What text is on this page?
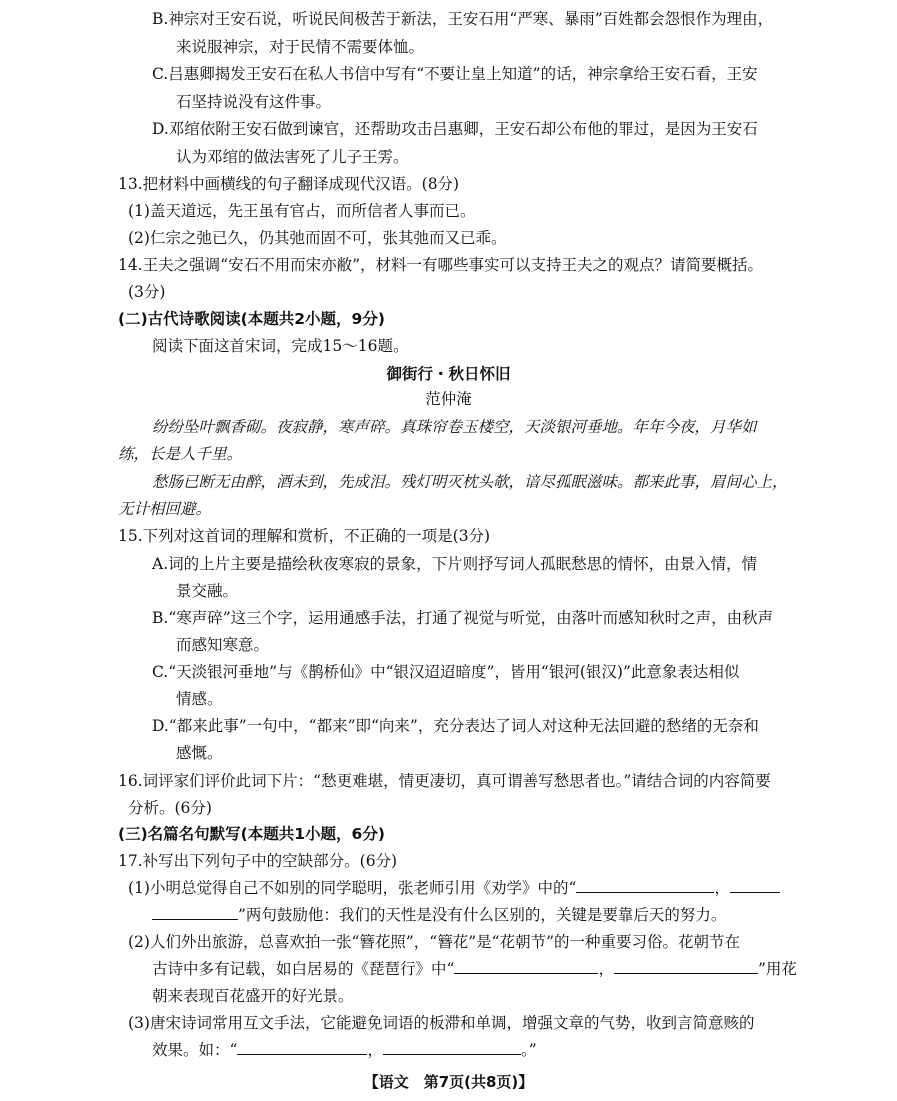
B.神宗对王安石说，听说民间极苦于新法，王安石用“严寒、暴雨”百姓都会怨恨作为理由，
来说服神宗，对于民情不需要体恤。
C.吕惠卿揭发王安石在私人书信中写有“不要让皇上知道”的话，神宗拿给王安石看，王安
石坚持说没有这件事。
D.邓绾依附王安石做到谏官，还帮助攻击吕惠卿，王安石却公布他的罪过，是因为王安石
认为邓绾的做法害死了儿子王雱。
13.把材料中画横线的句子翻译成现代汉语。(8分)
(1)盖天道远，先王虽有官占，而所信者人事而已。
(2)仁宗之弛已久，仍其弛而固不可，张其弛而又已乖。
14.王夫之强调“安石不用而宋亦敝”，材料一有哪些事实可以支持王夫之的观点？请简要概括。
(3分)
(二)古代诗歌阅读(本题共2小题，9分)
阅读下面这首宋词，完成15～16题。
御街行・秋日怀旧
范仲淹
纷纷坠叶飘香砌。夜寂静，寒声碎。真珠帘卷玉楼空，天淡银河垂地。年年今夜，月华如
练，长是人千里。
愁肠已断无由醉，酒未到，先成泪。残灯明灭枕头欹，谙尽孤眠滋味。都来此事，眉间心上，
无计相回避。
15.下列对这首词的理解和赏析，不正确的一项是(3分)
A.词的上片主要是描绘秋夜寒寂的景象，下片则抒写词人孤眠愁思的情怀，由景入情，情
景交融。
B.“寒声碎”这三个字，运用通感手法，打通了视觉与听觉，由落叶而感知秋时之声，由秋声
而感知寒意。
C.“天淡银河垂地”与《鹊桥仙》中“银汉迢迢暗度”，皆用“银河(银汉)”此意象表达相似
情感。
D.“都来此事”一句中，“都来”即“向来”，充分表达了词人对这种无法回避的愁绪的无奈和
感慨。
16.词评家们评价此词下片：“愁更难堪，情更凄切，真可谓善写愁思者也。”请结合词的内容简要
分析。(6分)
(三)名篇名句默写(本题共1小题，6分)
17.补写出下列句子中的空缺部分。(6分)
(1)小明总觉得自己不如别的同学聪明，张老师引用《劝学》中的“	，
”两句鼓励他：我们的天性是没有什么区别的，关键是要靠后天的努力。
(2)人们外出旅游，总喜欢拍一张“簪花照”，“簪花”是“花朝节”的一种重要习俗。花朝节在
古诗中多有记载，如白居易的《琵琶行》中“	，	”用花
朝来表现百花盛开的好光景。
(3)唐宋诗词常用互文手法，它能避免词语的板滞和单调，增强文章的气势，收到言简意赅的
效果。如：“	，	。”
【语文　第7页(共8页)】
